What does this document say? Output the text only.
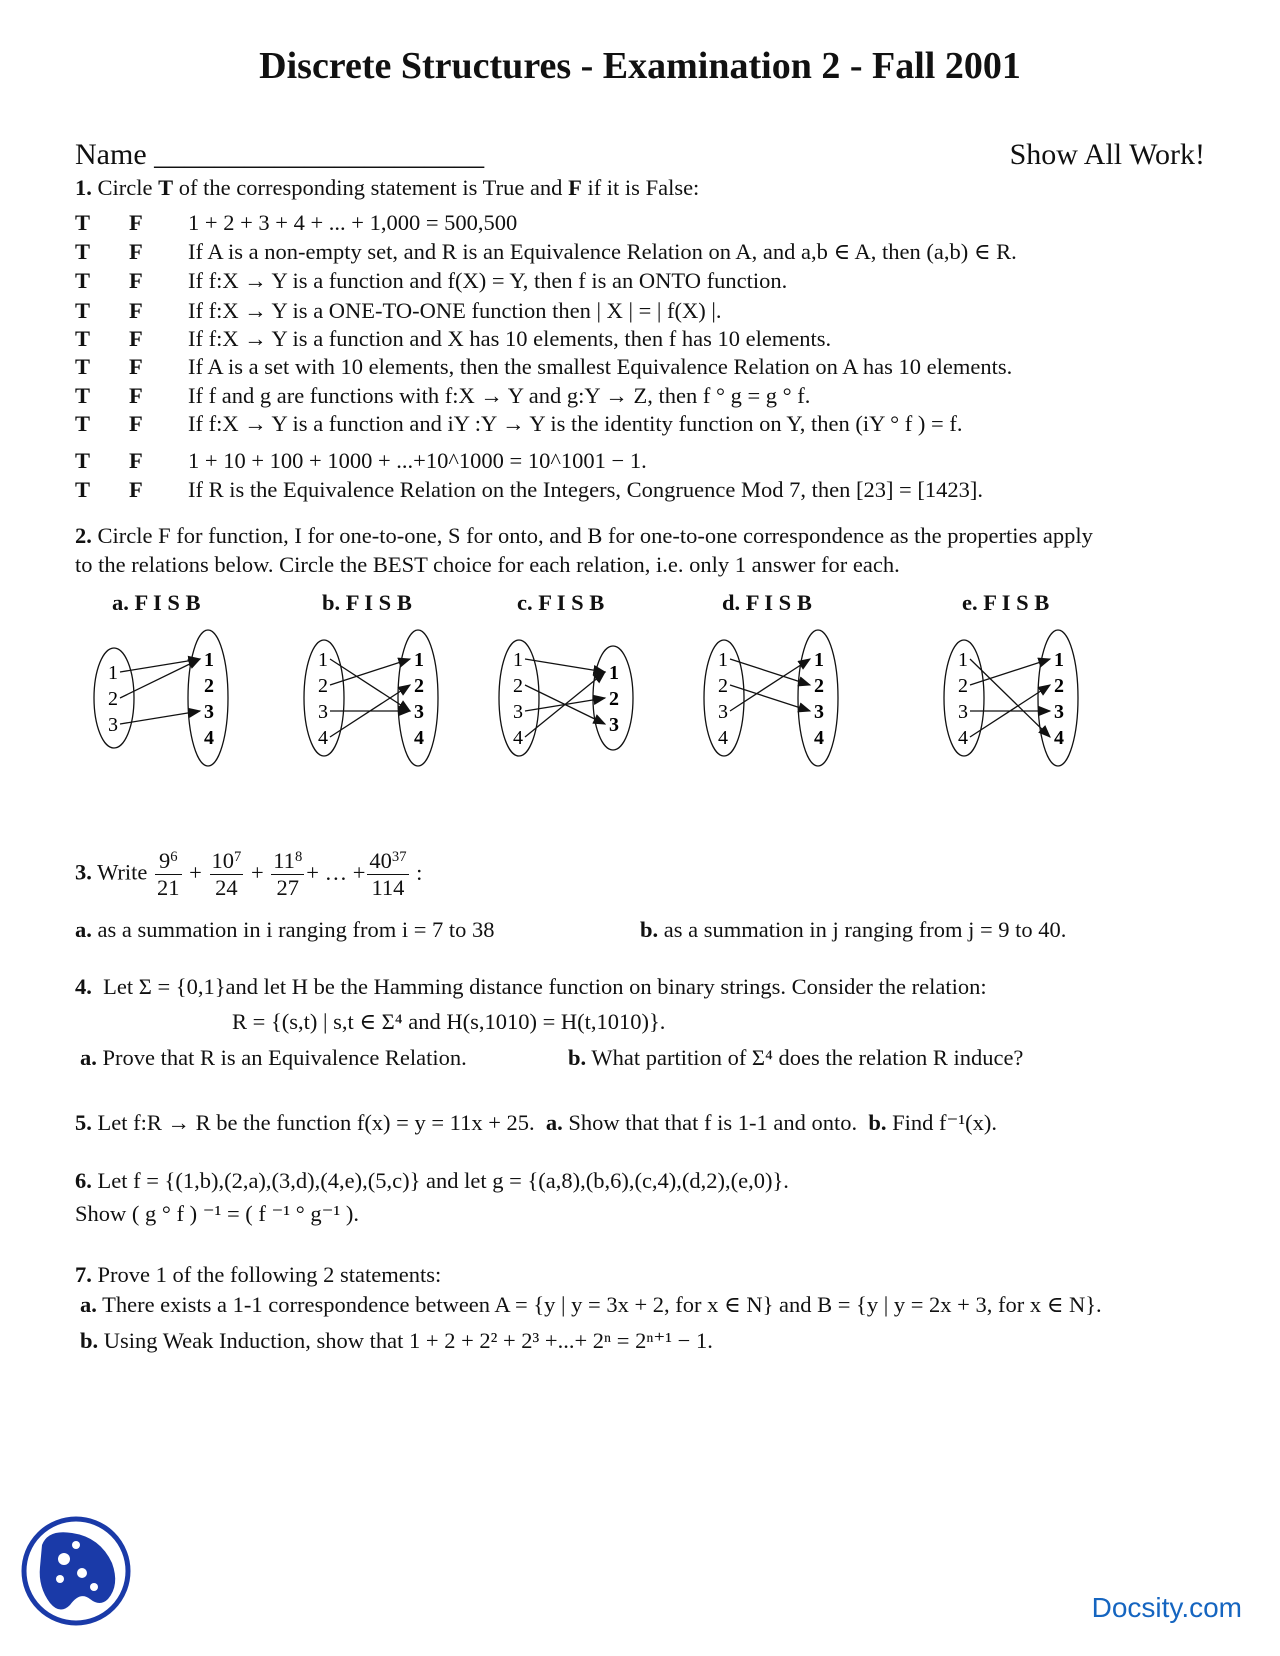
Discrete Structures - Examination 2 - Fall 2001
Name ______________________	Show All Work!
1. Circle T of the corresponding statement is True and F if it is False:
T F 1 + 2 + 3 + 4 + ... + 1,000 = 500,500
T F If A is a non-empty set, and R is an Equivalence Relation on A, and a,b ∈ A, then (a,b) ∈ R.
T F If f:X → Y is a function and f(X) = Y, then f is an ONTO function.
T F If f:X → Y is a ONE-TO-ONE function then | X | = | f(X) |.
T F If f:X → Y is a function and X has 10 elements, then f has 10 elements.
T F If A is a set with 10 elements, then the smallest Equivalence Relation on A has 10 elements.
T F If f and g are functions with f:X → Y and g:Y → Z, then f ° g = g ° f.
T F If f:X → Y is a function and iY :Y → Y is the identity function on Y, then (iY ° f ) = f.
T F 1 + 10 + 100 + 1000 + ...+10^1000 = 10^1001 − 1.
T F If R is the Equivalence Relation on the Integers, Congruence Mod 7, then [23] = [1423].
2. Circle F for function, I for one-to-one, S for onto, and B for one-to-one correspondence as the properties apply
to the relations below. Circle the BEST choice for each relation, i.e. only 1 answer for each.
a. F I S B
1
2
3
1
2
3
4
b. F I S B
1
2
3
4
1
2
3
4
c. F I S B
1
2
3
4
1
2
3
d. F I S B
1
2
3
4
1
2
3
4
e. F I S B
1
2
3
4
1
2
3
4
3. Write $\frac{9^6}{21} + \frac{10^7}{24} + \frac{11^8}{27}$ + … + $\frac{40^{37}}{114}$ :
a. as a summation in i ranging from i = 7 to 38	b. as a summation in j ranging from j = 9 to 40.
4. Let Σ = {0,1}and let H be the Hamming distance function on binary strings. Consider the relation:
R = {(s,t) | s,t ∈ Σ⁴ and H(s,1010) = H(t,1010)}.
a. Prove that R is an Equivalence Relation.	b. What partition of Σ⁴ does the relation R induce?
5. Let f:R → R be the function f(x) = y = 11x + 25. a. Show that that f is 1-1 and onto. b. Find f⁻¹(x).
6. Let f = {(1,b),(2,a),(3,d),(4,e),(5,c)} and let g = {(a,8),(b,6),(c,4),(d,2),(e,0)}.
Show ( g ° f ) ⁻¹ = ( f ⁻¹ ° g⁻¹ ).
7. Prove 1 of the following 2 statements:
a. There exists a 1-1 correspondence between A = {y | y = 3x + 2, for x ∈ N} and B = {y | y = 2x + 3, for x ∈ N}.
b. Using Weak Induction, show that 1 + 2 + 2² + 2³ +...+ 2ⁿ = 2ⁿ⁺¹ − 1.
Docsity.com
